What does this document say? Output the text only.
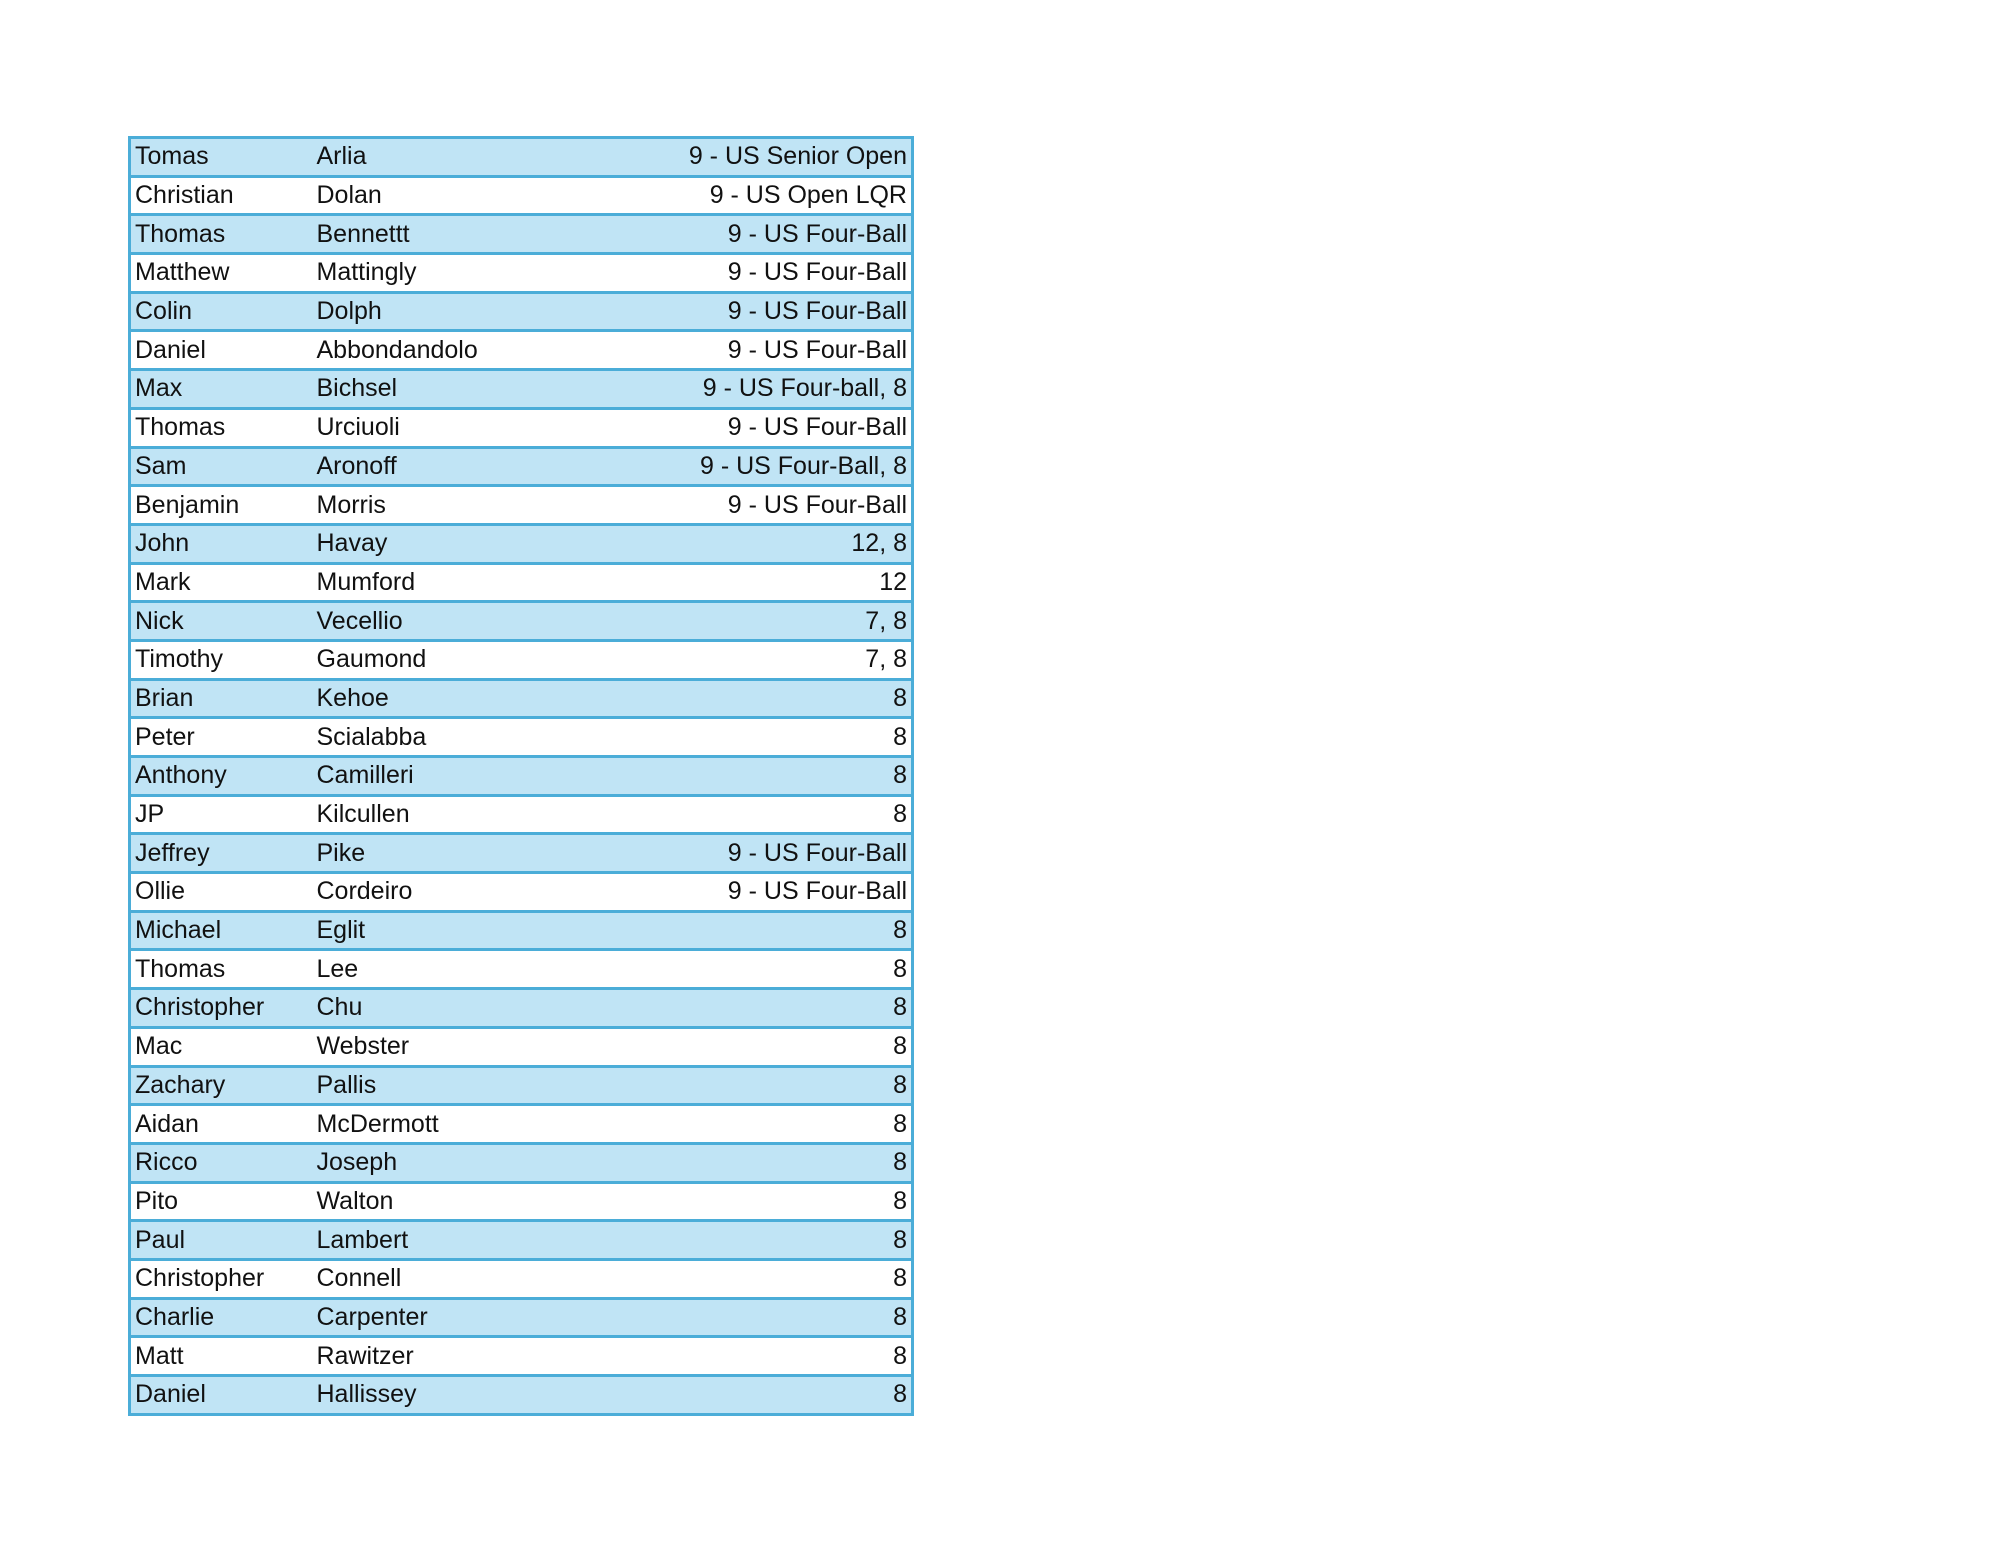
Tomas	Arlia	9 - US Senior Open
Christian	Dolan	9 - US Open LQR
Thomas	Bennettt	9 - US Four-Ball
Matthew	Mattingly	9 - US Four-Ball
Colin	Dolph	9 - US Four-Ball
Daniel	Abbondandolo	9 - US Four-Ball
Max	Bichsel	9 - US Four-ball, 8
Thomas	Urciuoli	9 - US Four-Ball
Sam	Aronoff	9 - US Four-Ball, 8
Benjamin	Morris	9 - US Four-Ball
John	Havay	12, 8
Mark	Mumford	12
Nick	Vecellio	7, 8
Timothy	Gaumond	7, 8
Brian	Kehoe	8
Peter	Scialabba	8
Anthony	Camilleri	8
JP	Kilcullen	8
Jeffrey	Pike	9 - US Four-Ball
Ollie	Cordeiro	9 - US Four-Ball
Michael	Eglit	8
Thomas	Lee	8
Christopher	Chu	8
Mac	Webster	8
Zachary	Pallis	8
Aidan	McDermott	8
Ricco	Joseph	8
Pito	Walton	8
Paul	Lambert	8
Christopher	Connell	8
Charlie	Carpenter	8
Matt	Rawitzer	8
Daniel	Hallissey	8
